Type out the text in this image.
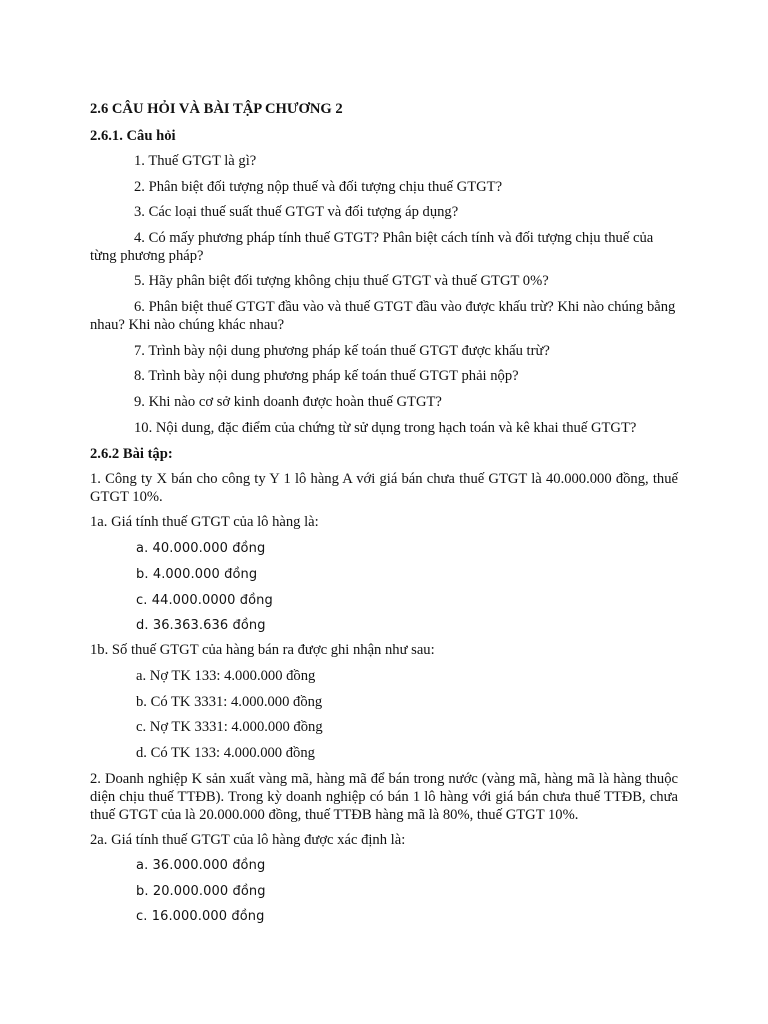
2.6 CÂU HỎI VÀ BÀI TẬP CHƯƠNG 2
2.6.1. Câu hỏi
1. Thuế GTGT là gì?
2. Phân biệt đối tượng nộp thuế và đối tượng chịu thuế GTGT?
3. Các loại thuế suất thuế GTGT và đối tượng áp dụng?
4. Có mấy phương pháp tính thuế GTGT? Phân biệt cách tính và đối tượng chịu thuế của từng phương pháp?
5. Hãy phân biệt đối tượng không chịu thuế GTGT và thuế GTGT 0%?
6. Phân biệt thuế GTGT đầu vào và thuế GTGT đầu vào được khấu trừ? Khi nào chúng bằng nhau? Khi nào chúng khác nhau?
7. Trình bày nội dung phương pháp kế toán thuế GTGT được khấu trừ?
8. Trình bày nội dung phương pháp kế toán thuế GTGT phải nộp?
9. Khi nào cơ sở kinh doanh được hoàn thuế GTGT?
10. Nội dung, đặc điểm của chứng từ sử dụng trong hạch toán và kê khai thuế GTGT?
2.6.2 Bài tập:
1. Công ty X bán cho công ty Y 1 lô hàng A với giá bán chưa thuế GTGT là 40.000.000 đồng, thuế GTGT 10%.
1a. Giá tính thuế GTGT của lô hàng là:
a. 40.000.000 đồng
b. 4.000.000 đồng
c. 44.000.0000 đồng
d. 36.363.636 đồng
1b. Số thuế GTGT của hàng bán ra được ghi nhận như sau:
a. Nợ TK 133: 4.000.000 đồng
b. Có TK 3331: 4.000.000 đồng
c. Nợ TK 3331: 4.000.000 đồng
d. Có TK 133: 4.000.000 đồng
2. Doanh nghiệp K sản xuất vàng mã, hàng mã để bán trong nước (vàng mã, hàng mã là hàng thuộc diện chịu thuế TTĐB). Trong kỳ doanh nghiệp có bán 1 lô hàng với giá bán chưa thuế TTĐB, chưa thuế GTGT của là 20.000.000 đồng, thuế TTĐB hàng mã là 80%, thuế GTGT 10%.
2a. Giá tính thuế GTGT của lô hàng được xác định là:
a. 36.000.000 đồng
b. 20.000.000 đồng
c. 16.000.000 đồng
